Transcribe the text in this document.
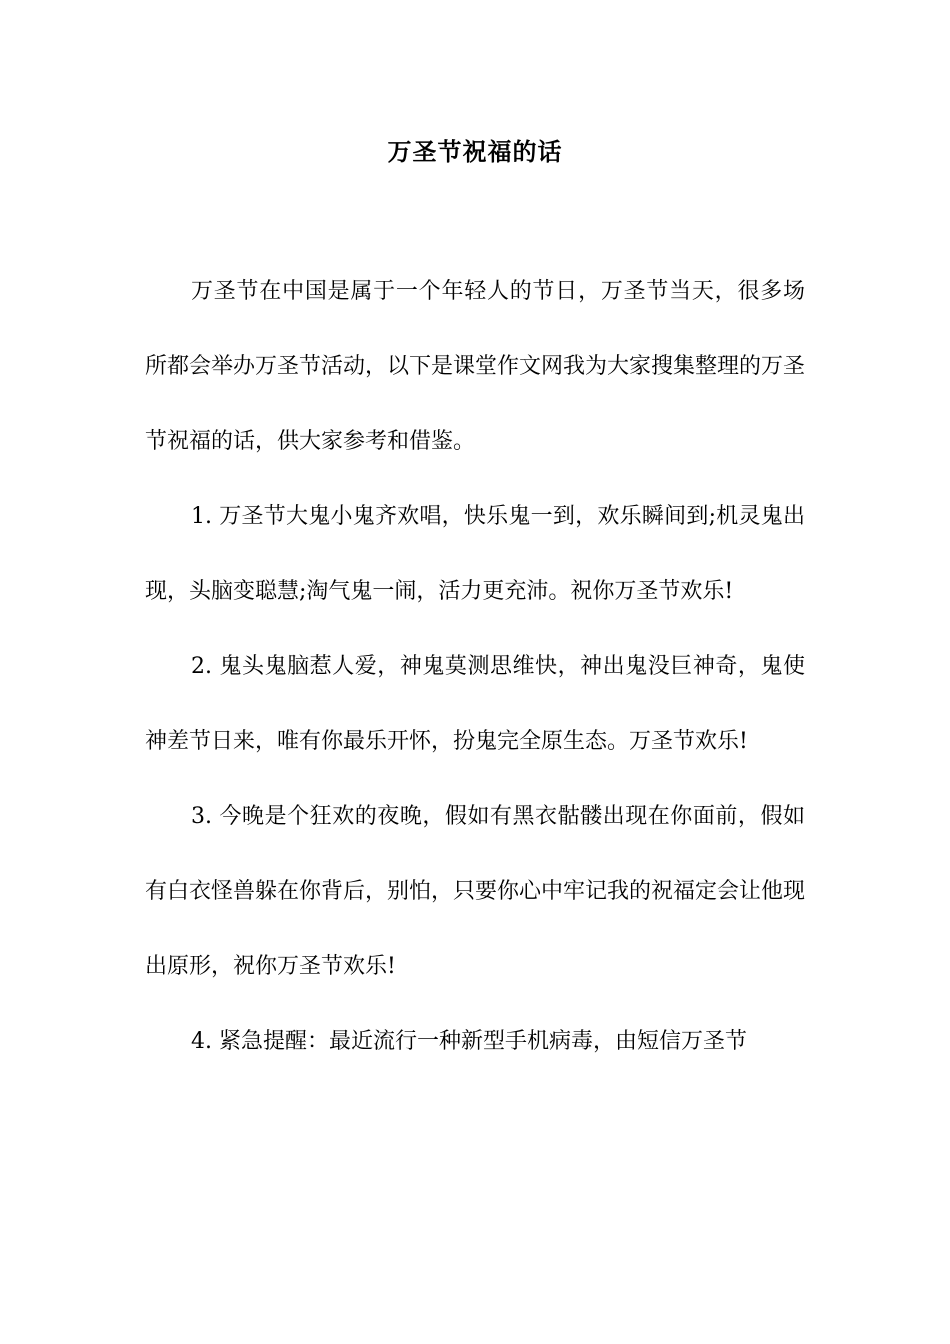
万圣节祝福的话

万圣节在中国是属于一个年轻人的节日，万圣节当天，很多场所都会举办万圣节活动，以下是课堂作文网我为大家搜集整理的万圣节祝福的话，供大家参考和借鉴。

1. 万圣节大鬼小鬼齐欢唱，快乐鬼一到，欢乐瞬间到;机灵鬼出现，头脑变聪慧;淘气鬼一闹，活力更充沛。祝你万圣节欢乐!

2. 鬼头鬼脑惹人爱，神鬼莫测思维快，神出鬼没巨神奇，鬼使神差节日来，唯有你最乐开怀，扮鬼完全原生态。万圣节欢乐!

3. 今晚是个狂欢的夜晚，假如有黑衣骷髅出现在你面前，假如有白衣怪兽躲在你背后，别怕，只要你心中牢记我的祝福定会让他现出原形，祝你万圣节欢乐!

4. 紧急提醒：最近流行一种新型手机病毒，由短信万圣节
